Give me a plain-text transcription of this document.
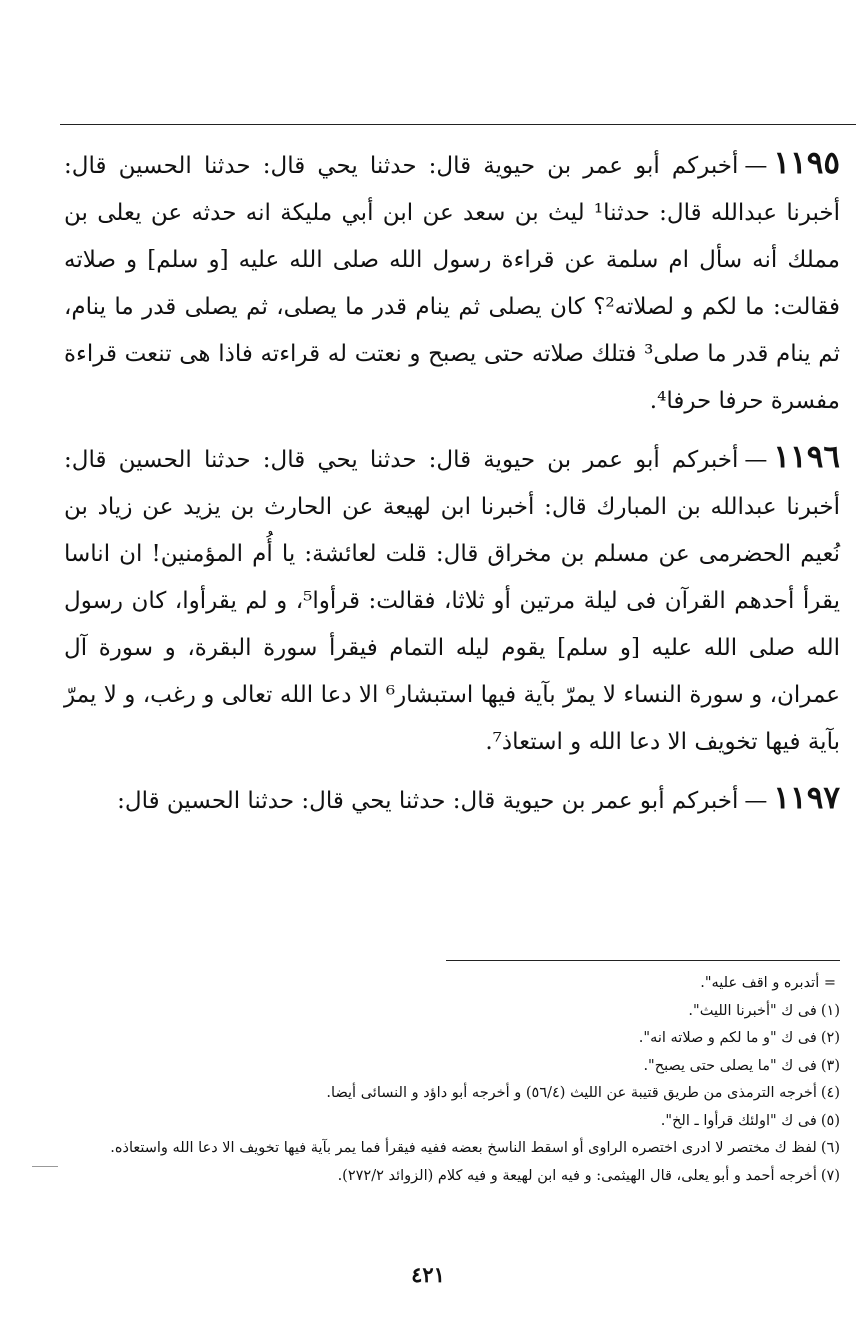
١١٩٥—أخبركم أبو عمر بن حيوية قال: حدثنا يحي قال: حدثنا الحسين قال: أخبرنا عبدالله قال: حدثنا¹ ليث بن سعد عن ابن أبي مليكة انه حدثه عن يعلى بن مملك أنه سأل ام سلمة عن قراءة رسول الله صلى الله عليه [و سلم] و صلاته فقالت: ما لكم و لصلاته²؟ كان يصلى ثم ينام قدر ما يصلى، ثم يصلى قدر ما ينام، ثم ينام قدر ما صلى³ فتلك صلاته حتى يصبح و نعتت له قراءته فاذا هى تنعت قراءة مفسرة حرفا حرفا⁴.

١١٩٦—أخبركم أبو عمر بن حيوية قال: حدثنا يحي قال: حدثنا الحسين قال: أخبرنا عبدالله بن المبارك قال: أخبرنا ابن لهيعة عن الحارث بن يزيد عن زياد بن نُعيم الحضرمى عن مسلم بن مخراق قال: قلت لعائشة: يا أُم المؤمنين! ان اناسا يقرأ أحدهم القرآن فى ليلة مرتين أو ثلاثا، فقالت: قرأوا⁵، و لم يقرأوا، كان رسول الله صلى الله عليه [و سلم] يقوم ليله التمام فيقرأ سورة البقرة، و سورة آل عمران، و سورة النساء لا يمرّ بآية فيها استبشار⁶ الا دعا الله تعالى و رغب، و لا يمرّ بآية فيها تخويف الا دعا الله و استعاذ⁷.

١١٩٧—أخبركم أبو عمر بن حيوية قال: حدثنا يحي قال: حدثنا الحسين قال:

= أتدبره و اقف عليه".
(١)فى ك "أخبرنا الليث".
(٢)فى ك "و ما لكم و صلاته انه".
(٣)فى ك "ما يصلى حتى يصبح".
(٤)أخرجه الترمذى من طريق قتيبة عن الليث (٥٦/٤) و أخرجه أبو داؤد و النسائى أيضا.
(٥)فى ك "اولئك قرأوا ـ الخ".
(٦)لفظ ك مختصر لا ادرى اختصره الراوى أو اسقط الناسخ بعضه ففيه فيقرأ فما يمر بآية فيها تخويف الا دعا الله واستعاذه.
(٧)أخرجه أحمد و أبو يعلى، قال الهيثمى: و فيه ابن لهيعة و فيه كلام (الزوائد ٢٧٢/٢).
٤٢١
